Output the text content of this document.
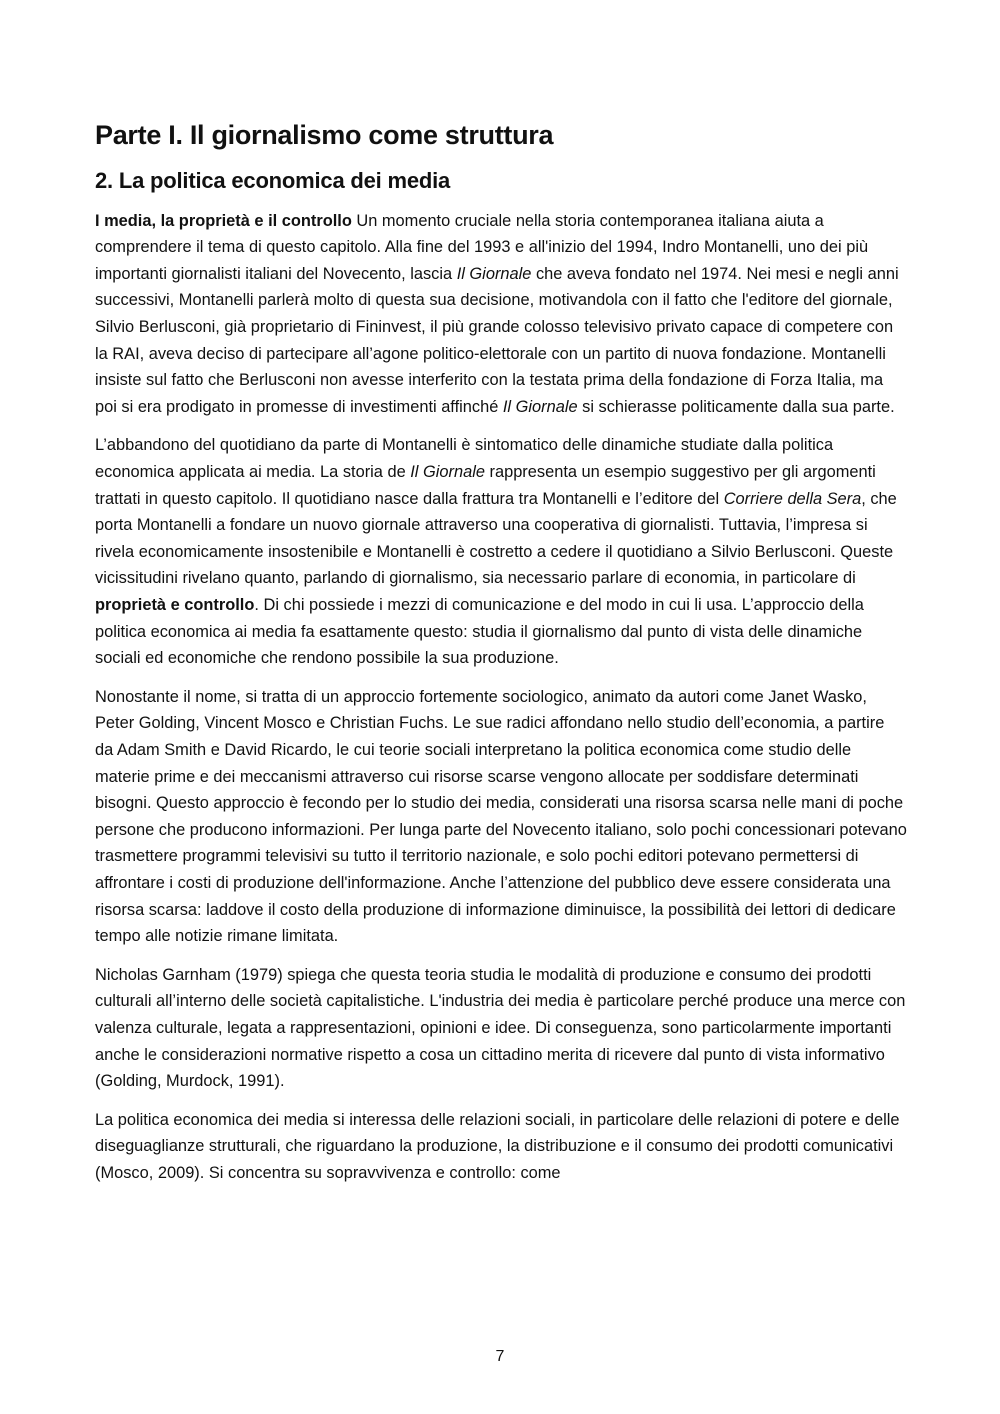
Parte I. Il giornalismo come struttura
2. La politica economica dei media

I media, la proprietà e il controllo Un momento cruciale nella storia contemporanea italiana aiuta a comprendere il tema di questo capitolo. Alla fine del 1993 e all'inizio del 1994, Indro Montanelli, uno dei più importanti giornalisti italiani del Novecento, lascia Il Giornale che aveva fondato nel 1974. Nei mesi e negli anni successivi, Montanelli parlerà molto di questa sua decisione, motivandola con il fatto che l'editore del giornale, Silvio Berlusconi, già proprietario di Fininvest, il più grande colosso televisivo privato capace di competere con la RAI, aveva deciso di partecipare all’agone politico-elettorale con un partito di nuova fondazione. Montanelli insiste sul fatto che Berlusconi non avesse interferito con la testata prima della fondazione di Forza Italia, ma poi si era prodigato in promesse di investimenti affinché Il Giornale si schierasse politicamente dalla sua parte.

L’abbandono del quotidiano da parte di Montanelli è sintomatico delle dinamiche studiate dalla politica economica applicata ai media. La storia de Il Giornale rappresenta un esempio suggestivo per gli argomenti trattati in questo capitolo. Il quotidiano nasce dalla frattura tra Montanelli e l’editore del Corriere della Sera, che porta Montanelli a fondare un nuovo giornale attraverso una cooperativa di giornalisti. Tuttavia, l’impresa si rivela economicamente insostenibile e Montanelli è costretto a cedere il quotidiano a Silvio Berlusconi. Queste vicissitudini rivelano quanto, parlando di giornalismo, sia necessario parlare di economia, in particolare di proprietà e controllo. Di chi possiede i mezzi di comunicazione e del modo in cui li usa. L’approccio della politica economica ai media fa esattamente questo: studia il giornalismo dal punto di vista delle dinamiche sociali ed economiche che rendono possibile la sua produzione.

Nonostante il nome, si tratta di un approccio fortemente sociologico, animato da autori come Janet Wasko, Peter Golding, Vincent Mosco e Christian Fuchs. Le sue radici affondano nello studio dell’economia, a partire da Adam Smith e David Ricardo, le cui teorie sociali interpretano la politica economica come studio delle materie prime e dei meccanismi attraverso cui risorse scarse vengono allocate per soddisfare determinati bisogni. Questo approccio è fecondo per lo studio dei media, considerati una risorsa scarsa nelle mani di poche persone che producono informazioni. Per lunga parte del Novecento italiano, solo pochi concessionari potevano trasmettere programmi televisivi su tutto il territorio nazionale, e solo pochi editori potevano permettersi di affrontare i costi di produzione dell'informazione. Anche l’attenzione del pubblico deve essere considerata una risorsa scarsa: laddove il costo della produzione di informazione diminuisce, la possibilità dei lettori di dedicare tempo alle notizie rimane limitata.

Nicholas Garnham (1979) spiega che questa teoria studia le modalità di produzione e consumo dei prodotti culturali all’interno delle società capitalistiche. L'industria dei media è particolare perché produce una merce con valenza culturale, legata a rappresentazioni, opinioni e idee. Di conseguenza, sono particolarmente importanti anche le considerazioni normative rispetto a cosa un cittadino merita di ricevere dal punto di vista informativo (Golding, Murdock, 1991).

La politica economica dei media si interessa delle relazioni sociali, in particolare delle relazioni di potere e delle diseguaglianze strutturali, che riguardano la produzione, la distribuzione e il consumo dei prodotti comunicativi (Mosco, 2009). Si concentra su sopravvivenza e controllo: come

7
